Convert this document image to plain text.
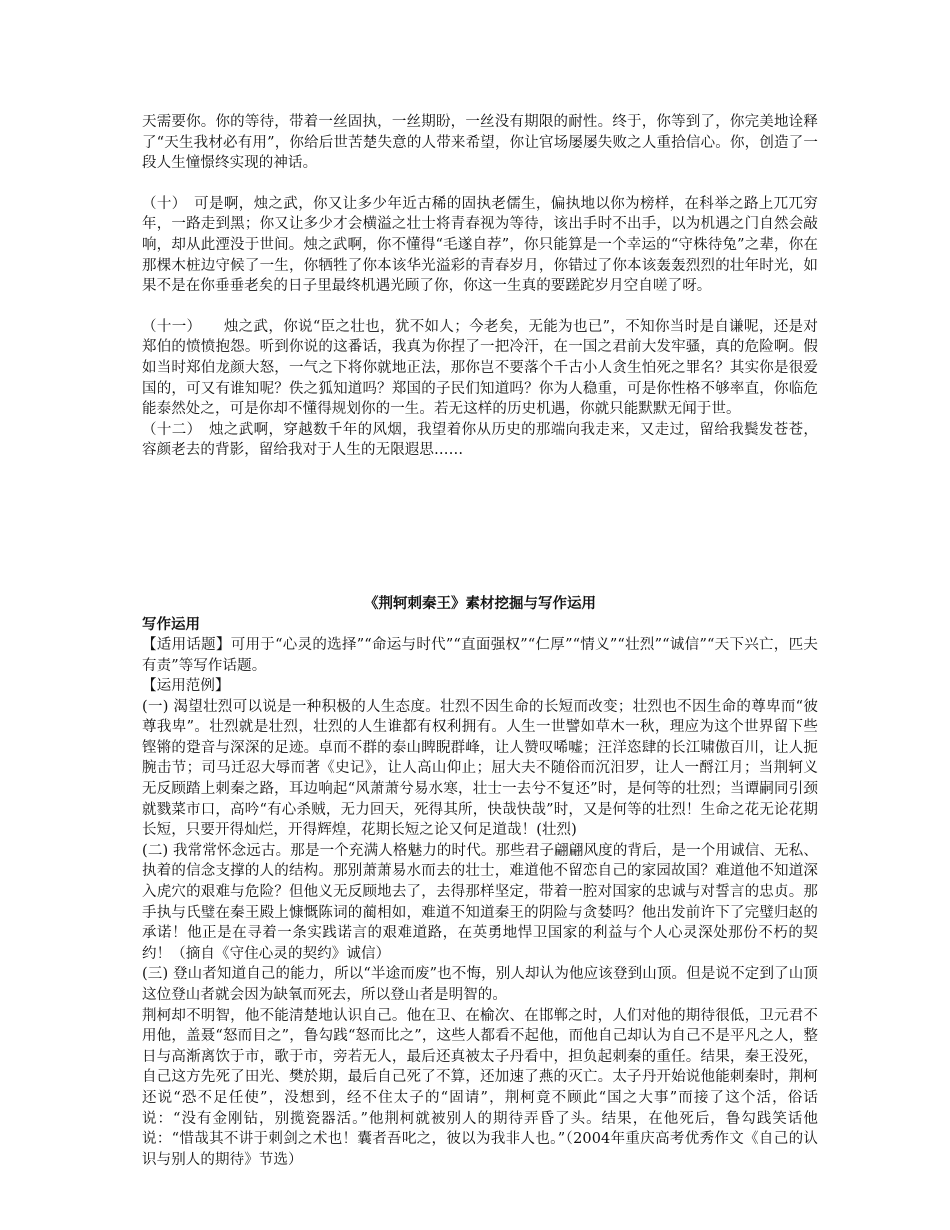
天需要你。你的等待，带着一丝固执，一丝期盼，一丝没有期限的耐性。终于，你等到了，你完美地诠释了“天生我材必有用”，你给后世苦楚失意的人带来希望，你让官场屡屡失败之人重拾信心。你，创造了一段人生憧憬终实现的神话。

（十）　可是啊，烛之武，你又让多少年近古稀的固执老儒生，偏执地以你为榜样，在科举之路上兀兀穷年，一路走到黑；你又让多少才会横溢之壮士将青春视为等待，该出手时不出手，以为机遇之门自然会敲响，却从此湮没于世间。烛之武啊，你不懂得“毛遂自荐”，你只能算是一个幸运的“守株待兔”之辈，你在那棵木桩边守候了一生，你牺牲了你本该华光溢彩的青春岁月，你错过了你本该轰轰烈烈的壮年时光，如果不是在你垂垂老矣的日子里最终机遇光顾了你，你这一生真的要蹉跎岁月空自嗟了呀。

（十一）　　烛之武，你说“臣之壮也，犹不如人；今老矣，无能为也已”，不知你当时是自谦呢，还是对郑伯的愤愤抱怨。听到你说的这番话，我真为你捏了一把冷汗，在一国之君前大发牢骚，真的危险啊。假如当时郑伯龙颜大怒，一气之下将你就地正法，那你岂不要落个千古小人贪生怕死之罪名？其实你是很爱国的，可又有谁知呢？佚之狐知道吗？郑国的子民们知道吗？你为人稳重，可是你性格不够率直，你临危能泰然处之，可是你却不懂得规划你的一生。若无这样的历史机遇，你就只能默默无闻于世。

（十二）　烛之武啊，穿越数千年的风烟，我望着你从历史的那端向我走来，又走过，留给我鬓发苍苍，容颜老去的背影，留给我对于人生的无限遐思……

《荆轲刺秦王》素材挖掘与写作运用

写作运用

【适用话题】可用于“心灵的选择”“命运与时代”“直面强权”“仁厚”“情义”“壮烈”“诚信”“天下兴亡，匹夫有责”等写作话题。

【运用范例】

(一) 渴望壮烈可以说是一种积极的人生态度。壮烈不因生命的长短而改变；壮烈也不因生命的尊卑而“彼尊我卑”。壮烈就是壮烈，壮烈的人生谁都有权利拥有。人生一世譬如草木一秋，理应为这个世界留下些铿锵的跫音与深深的足迹。卓而不群的泰山睥睨群峰，让人赞叹唏嘘；汪洋恣肆的长江啸傲百川，让人扼腕击节；司马迁忍大辱而著《史记》，让人高山仰止；屈大夫不随俗而沉汨罗，让人一酹江月；当荆轲义无反顾踏上刺秦之路，耳边响起“风萧萧兮易水寒，壮士一去兮不复还”时，是何等的壮烈；当谭嗣同引颈就戮菜市口，高吟“有心杀贼，无力回天，死得其所，快哉快哉”时，又是何等的壮烈！生命之花无论花期长短，只要开得灿烂，开得辉煌，花期长短之论又何足道哉！(壮烈)

(二) 我常常怀念远古。那是一个充满人格魅力的时代。那些君子翩翩风度的背后，是一个用诚信、无私、执着的信念支撑的人的结构。那别萧萧易水而去的壮士，难道他不留恋自己的家园故国？难道他不知道深入虎穴的艰难与危险？但他义无反顾地去了，去得那样坚定，带着一腔对国家的忠诚与对誓言的忠贞。那手执与氏璧在秦王殿上慷慨陈词的蔺相如，难道不知道秦王的阴险与贪婪吗？他出发前许下了完璧归赵的承诺！他正是在寻着一条实践诺言的艰难道路，在英勇地悍卫国家的利益与个人心灵深处那份不朽的契约！（摘自《守住心灵的契约》诚信）

(三) 登山者知道自己的能力，所以“半途而废”也不悔，别人却认为他应该登到山顶。但是说不定到了山顶这位登山者就会因为缺氧而死去，所以登山者是明智的。

荆柯却不明智，他不能清楚地认识自己。他在卫、在榆次、在邯郸之时，人们对他的期待很低，卫元君不用他，盖聂“怒而目之”，鲁勾践“怒而比之”，这些人都看不起他，而他自己却认为自己不是平凡之人，整日与高渐离饮于市，歌于市，旁若无人，最后还真被太子丹看中，担负起刺秦的重任。结果，秦王没死，自己这方先死了田光、樊於期，最后自己死了不算，还加速了燕的灭亡。太子丹开始说他能刺秦时，荆柯还说“恐不足任使”，没想到，经不住太子的“固请”，荆柯竟不顾此“国之大事”而接了这个活，俗话说：“没有金刚钻，别揽瓷器活。”他荆柯就被别人的期待弄昏了头。结果，在他死后，鲁勾践笑话他说：“惜哉其不讲于刺剑之术也！囊者吾叱之，彼以为我非人也。”（2004年重庆高考优秀作文《自己的认识与别人的期待》节选）
